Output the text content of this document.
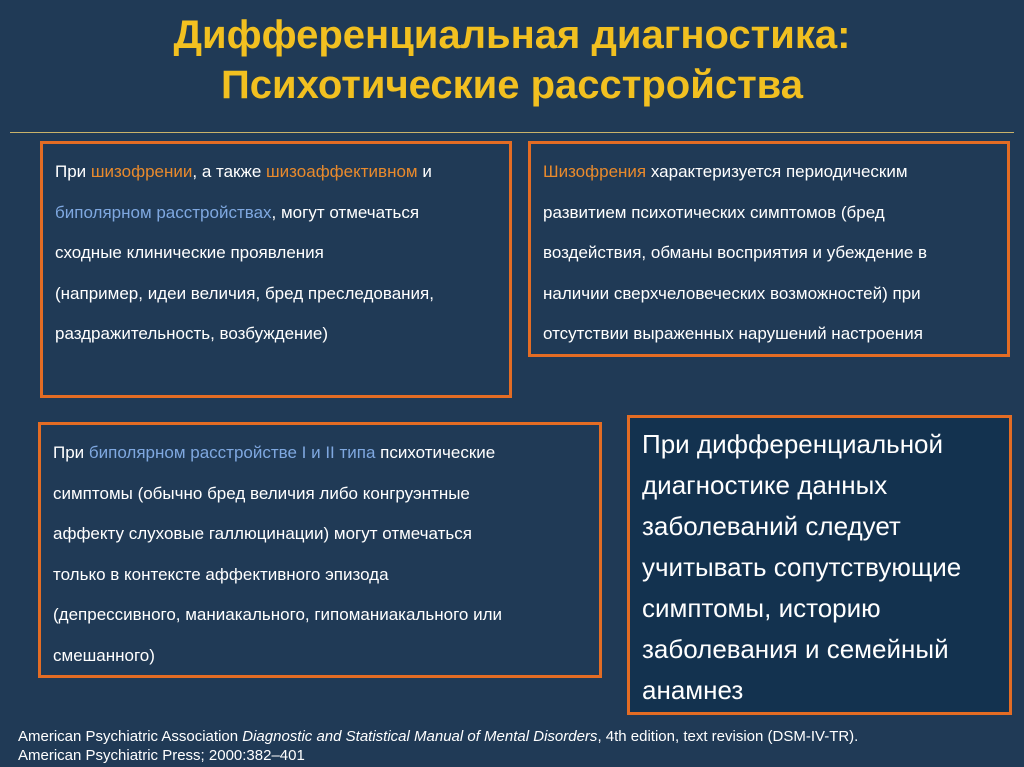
Дифференциальная диагностика:
Психотические расстройства
При шизофрении, а также шизоаффективном и
биполярном расстройствах, могут отмечаться
сходные клинические проявления
(например, идеи величия, бред преследования,
раздражительность, возбуждение)
Шизофрения характеризуется периодическим
развитием психотических симптомов (бред
воздействия, обманы восприятия и убеждение в
наличии сверхчеловеческих возможностей) при
отсутствии выраженных нарушений настроения
При биполярном расстройстве I и II типа психотические
симптомы (обычно бред величия либо конгруэнтные
аффекту слуховые галлюцинации) могут отмечаться
только в контексте аффективного эпизода
(депрессивного, маниакального, гипоманиакального или
смешанного)
При дифференциальной
диагностике данных
заболеваний следует
учитывать сопутствующие
симптомы, историю
заболевания и семейный
анамнез
American Psychiatric Association Diagnostic and Statistical Manual of Mental Disorders, 4th edition, text revision (DSM-IV-TR).
American Psychiatric Press; 2000:382–401
